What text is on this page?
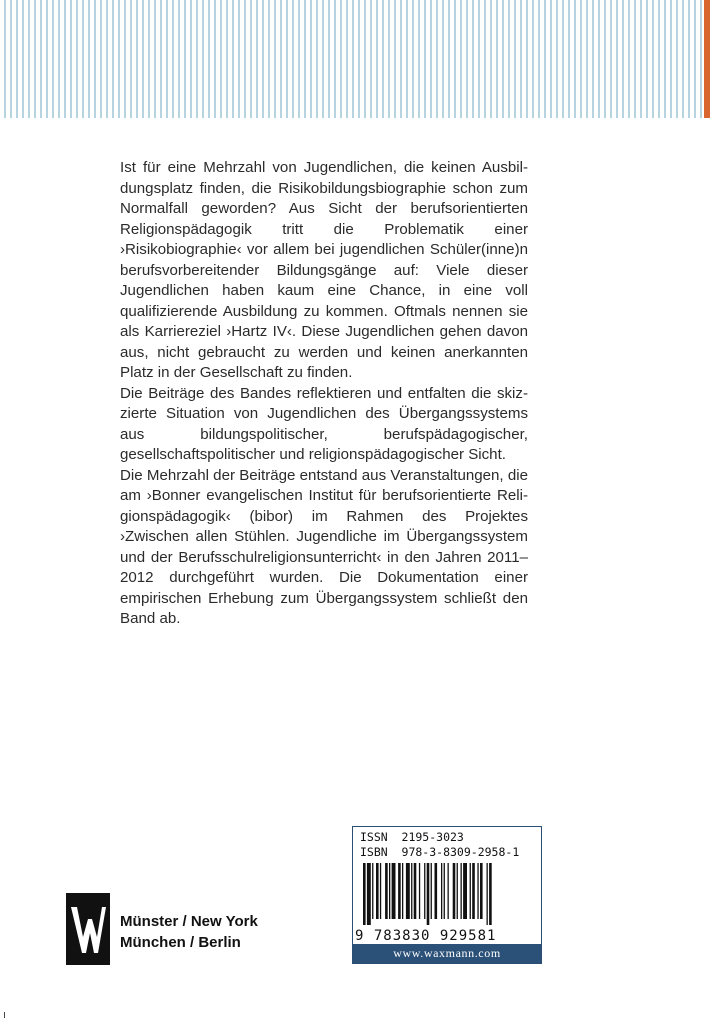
Ist für eine Mehrzahl von Jugendlichen, die keinen Ausbildungsplatz finden, die Risikobildungsbiographie schon zum Normalfall geworden? Aus Sicht der berufsorientierten Religionspädagogik tritt die Problematik einer ›Risikobiographie‹ vor allem bei jugendlichen Schüler(inne)n berufsvorbereitender Bildungsgänge auf: Viele dieser Jugendlichen haben kaum eine Chance, in eine voll qualifizierende Ausbildung zu kommen. Oftmals nennen sie als Karriereziel ›Hartz IV‹. Diese Jugendlichen gehen davon aus, nicht gebraucht zu werden und keinen anerkannten Platz in der Gesellschaft zu finden.

Die Beiträge des Bandes reflektieren und entfalten die skizzierte Situation von Jugendlichen des Übergangssystems aus bildungspolitischer, berufspädagogischer, gesellschaftspolitischer und religionspädagogischer Sicht.

Die Mehrzahl der Beiträge entstand aus Veranstaltungen, die am ›Bonner evangelischen Institut für berufsorientierte Religionspädagogik‹ (bibor) im Rahmen des Projektes ›Zwischen allen Stühlen. Jugendliche im Übergangssystem und der Berufsschulreligionsunterricht‹ in den Jahren 2011–2012 durchgeführt wurden. Die Dokumentation einer empirischen Erhebung zum Übergangssystem schließt den Band ab.

Münster / New York
München / Berlin
ISSN  2195-3023
ISBN  978-3-8309-2958-1
9 783830 929581
www.waxmann.com
